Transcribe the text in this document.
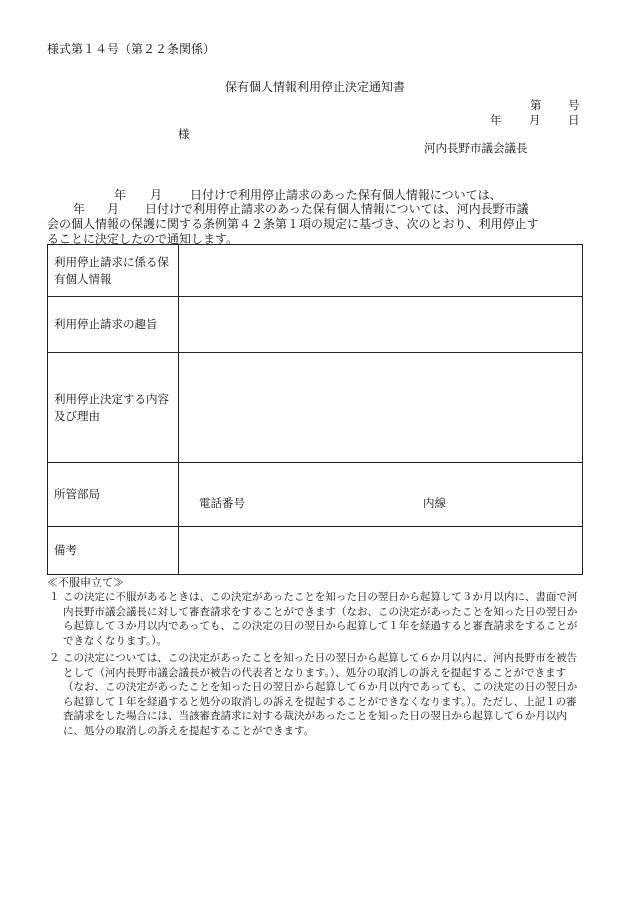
様式第１４号（第２２条関係）
保有個人情報利用停止決定通知書
第 号
年 月 日
様
河内長野市議会議長
年 月 日付けで利用停止請求のあった保有個人情報については、
年 月 日付けで利用停止請求のあった保有個人情報については、河内長野市議
会の個人情報の保護に関する条例第４２条第１項の規定に基づき、次のとおり、利用停止す
ることに決定したので通知します。
利用停止請求に係る保有個人情報	
利用停止請求の趣旨	
利用停止決定する内容及び理由	
所管部局	電話番号 内線

備考	
≪不服申立て≫
１ この決定に不服があるときは、この決定があったことを知った日の翌日から起算して３か月以内に、書面で河内長野市議会議長に対して審査請求をすることができます（なお、この決定があったことを知った日の翌日から起算して３か月以内であっても、この決定の日の翌日から起算して１年を経過すると審査請求をすることができなくなります。）。
２ この決定については、この決定があったことを知った日の翌日から起算して６か月以内に、河内長野市を被告として（河内長野市議会議長が被告の代表者となります。）、処分の取消しの訴えを提起することができます（なお、この決定があったことを知った日の翌日から起算して６か月以内であっても、この決定の日の翌日から起算して１年を経過すると処分の取消しの訴えを提起することができなくなります。）。ただし、上記１の審査請求をした場合には、当該審査請求に対する裁決があったことを知った日の翌日から起算して６か月以内に、処分の取消しの訴えを提起することができます。
